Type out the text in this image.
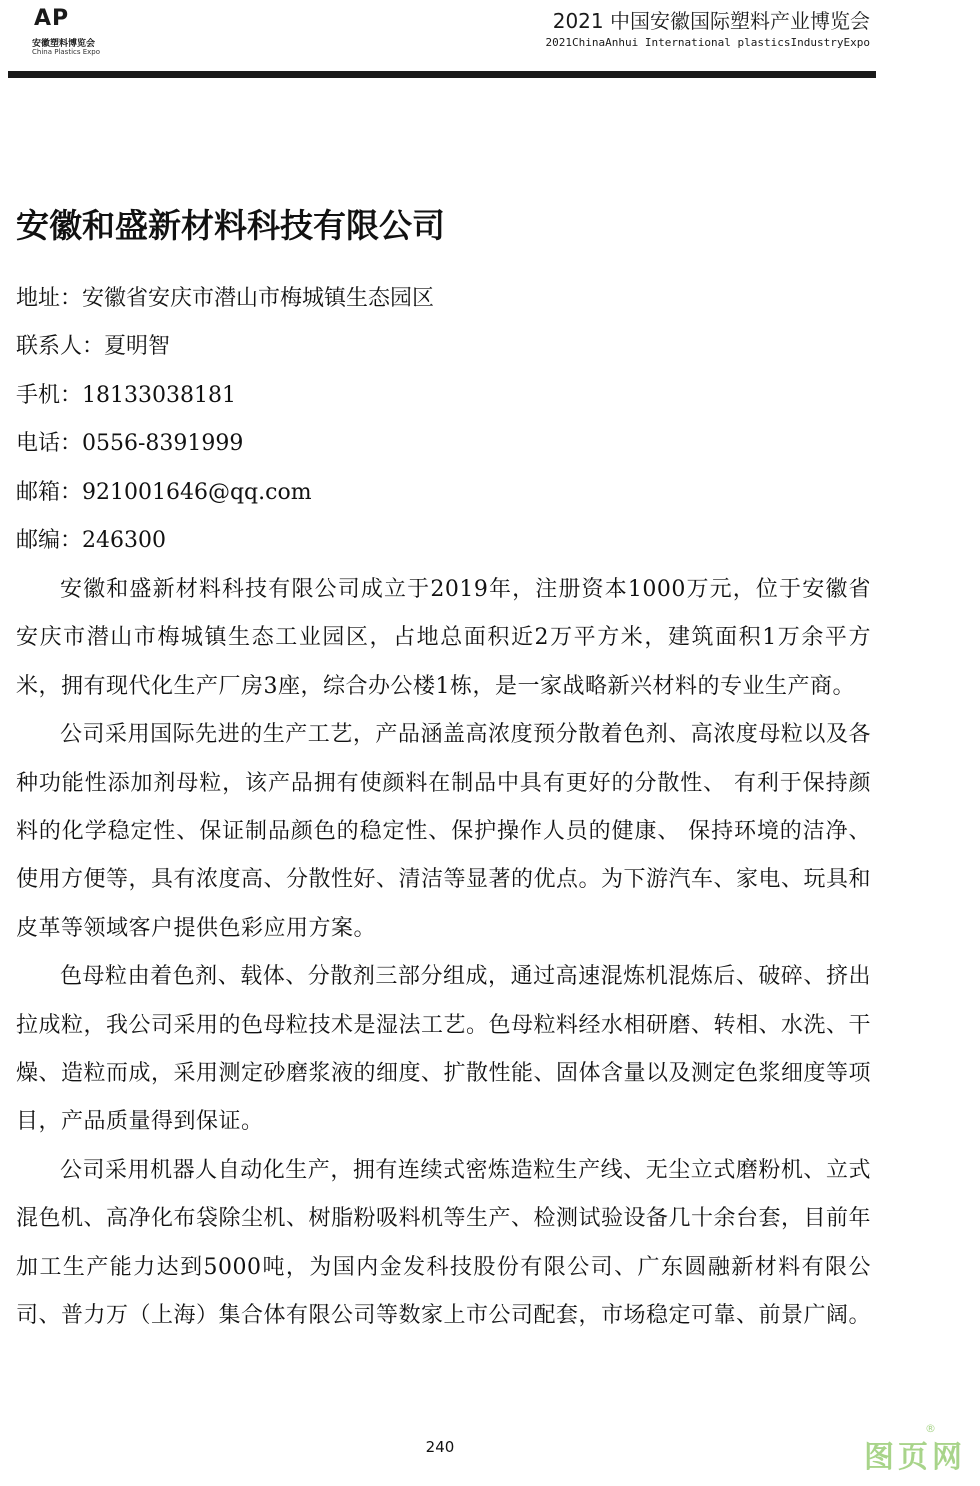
AP
安徽塑料博览会
China Plastics Expo
2021 中国安徽国际塑料产业博览会
2021ChinaAnhui International plasticsIndustryExpo
安徽和盛新材料科技有限公司
地址：安徽省安庆市潜山市梅城镇生态园区
联系人：夏明智
手机：18133038181
电话：0556-8391999
邮箱：921001646@qq.com
邮编：246300

安徽和盛新材料科技有限公司成立于2019年，注册资本1000万元，位于安徽省安庆市潜山市梅城镇生态工业园区，占地总面积近2万平方米，建筑面积1万余平方米，拥有现代化生产厂房3座，综合办公楼1栋，是一家战略新兴材料的专业生产商。

公司采用国际先进的生产工艺，产品涵盖高浓度预分散着色剂、高浓度母粒以及各种功能性添加剂母粒，该产品拥有使颜料在制品中具有更好的分散性、 有利于保持颜料的化学稳定性、保证制品颜色的稳定性、保护操作人员的健康、 保持环境的洁净、使用方便等，具有浓度高、分散性好、清洁等显著的优点。为下游汽车、家电、玩具和皮革等领域客户提供色彩应用方案。

色母粒由着色剂、载体、分散剂三部分组成，通过高速混炼机混炼后、破碎、挤出拉成粒，我公司采用的色母粒技术是湿法工艺。色母粒料经水相研磨、转相、水洗、干燥、造粒而成，采用测定砂磨浆液的细度、扩散性能、固体含量以及测定色浆细度等项目，产品质量得到保证。

公司采用机器人自动化生产，拥有连续式密炼造粒生产线、无尘立式磨粉机、立式混色机、高净化布袋除尘机、树脂粉吸料机等生产、检测试验设备几十余台套，目前年加工生产能力达到5000吨，为国内金发科技股份有限公司、广东圆融新材料有限公司、普力万（上海）集合体有限公司等数家上市公司配套，市场稳定可靠、前景广阔。

240	图页网
®
